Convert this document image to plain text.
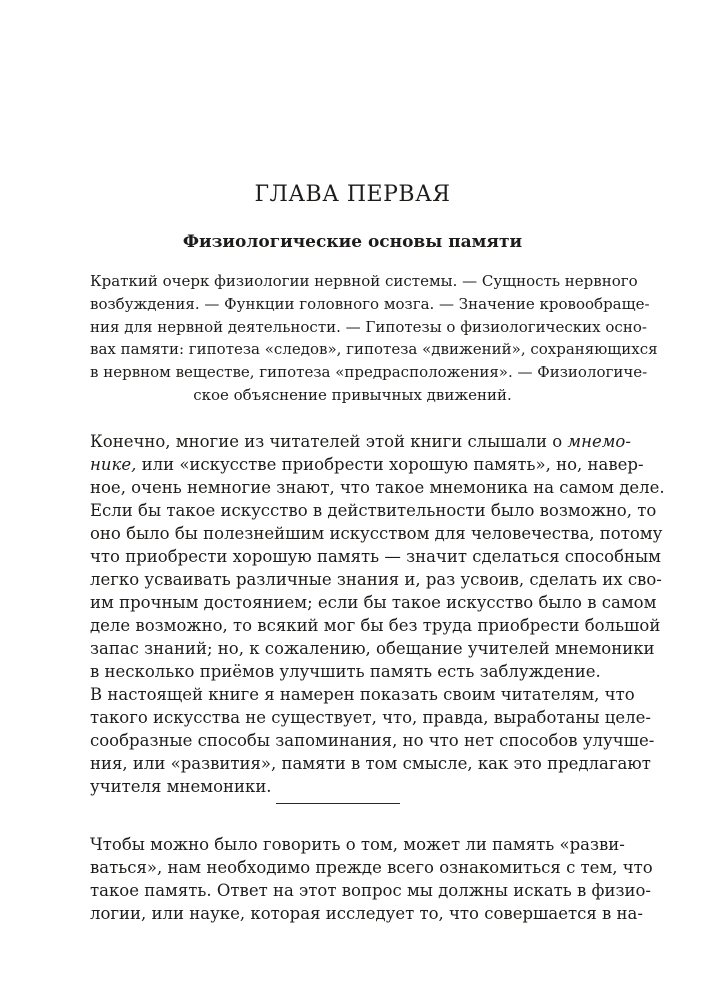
ГЛАВА ПЕРВАЯ
Физиологические основы памяти
Краткий очерк физиологии нервной системы. — Сущность нервного
возбуждения. — Функции головного мозга. — Значение кровообраще-
ния для нервной деятельности. — Гипотезы о физиологических осно-
вах памяти: гипотеза «следов», гипотеза «движений», сохраняющихся
в нервном веществе, гипотеза «предрасположения». — Физиологиче-
ское объяснение привычных движений.
Конечно, многие из читателей этой книги слышали о мнемо-
нике, или «искусстве приобрести хорошую память», но, навер-
ное, очень немногие знают, что такое мнемоника на самом деле.
Если бы такое искусство в действительности было возможно, то
оно было бы полезнейшим искусством для человечества, потому
что приобрести хорошую память — значит сделаться способным
легко усваивать различные знания и, раз усвоив, сделать их сво-
им прочным достоянием; если бы такое искусство было в самом
деле возможно, то всякий мог бы без труда приобрести большой
запас знаний; но, к сожалению, обещание учителей мнемоники
в несколько приёмов улучшить память есть заблуждение.
В настоящей книге я намерен показать своим читателям, что
такого искусства не существует, что, правда, выработаны целе-
сообразные способы запоминания, но что нет способов улучше-
ния, или «развития», памяти в том смысле, как это предлагают
учителя мнемоники.
Чтобы можно было говорить о том, может ли память «разви-
ваться», нам необходимо прежде всего ознакомиться с тем, что
такое память. Ответ на этот вопрос мы должны искать в физио-
логии, или науке, которая исследует то, что совершается в на-
